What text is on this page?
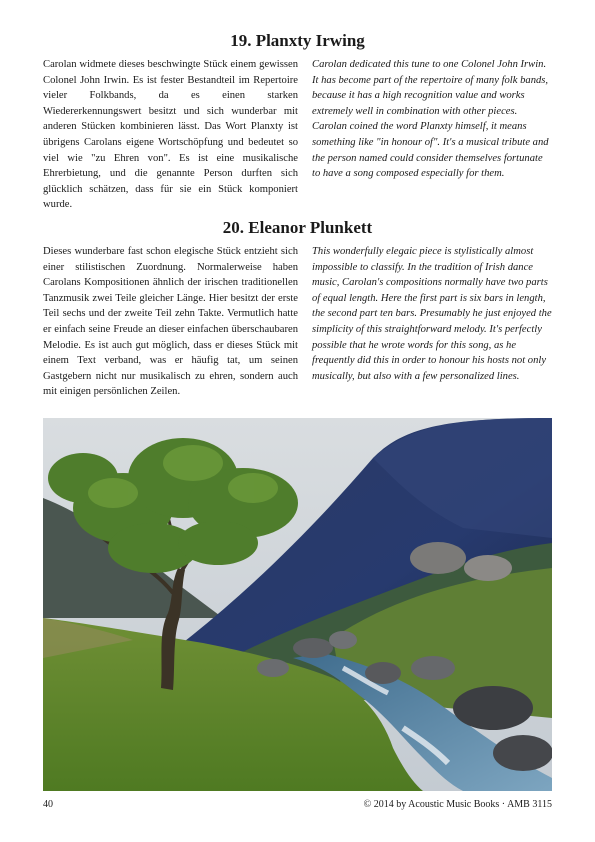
19. Planxty Irwing

Carolan widmete dieses beschwingte Stück einem gewissen Colonel John Irwin. Es ist fester Bestandteil im Repertoire vieler Folkbands, da es einen starken Wiedererkennungswert besitzt und sich wunderbar mit anderen Stücken kombinieren lässt. Das Wort Planxty ist übrigens Carolans eigene Wortschöpfung und bedeutet so viel wie "zu Ehren von". Es ist eine musikalische Ehrerbietung, und die genannte Person durften sich glücklich schätzen, dass für sie ein Stück komponiert wurde.

Carolan dedicated this tune to one Colonel John Irwin. It has become part of the repertoire of many folk bands, because it has a high recognition value and works extremely well in combination with other pieces. Carolan coined the word Planxty himself, it means something like "in honour of". It's a musical tribute and the person named could consider themselves fortunate to have a song composed especially for them.

20. Eleanor Plunkett

Dieses wunderbare fast schon elegische Stück entzieht sich einer stilistischen Zuordnung. Normalerweise haben Carolans Kompositionen ähnlich der irischen traditionellen Tanzmusik zwei Teile gleicher Länge. Hier besitzt der erste Teil sechs und der zweite Teil zehn Takte. Vermutlich hatte er einfach seine Freude an dieser einfachen überschaubaren Melodie. Es ist auch gut möglich, dass er dieses Stück mit einem Text verband, was er häufig tat, um seinen Gastgebern nicht nur musikalisch zu ehren, sondern auch mit einigen persönlichen Zeilen.

This wonderfully elegaic piece is stylistically almost impossible to classify. In the tradition of Irish dance music, Carolan's compositions normally have two parts of equal length. Here the first part is six bars in length, the second part ten bars. Presumably he just enjoyed the simplicity of this straightforward melody. It's perfectly possible that he wrote words for this song, as he frequently did this in order to honour his hosts not only musically, but also with a few personalized lines.

40	© 2014 by Acoustic Music Books · AMB 3115
